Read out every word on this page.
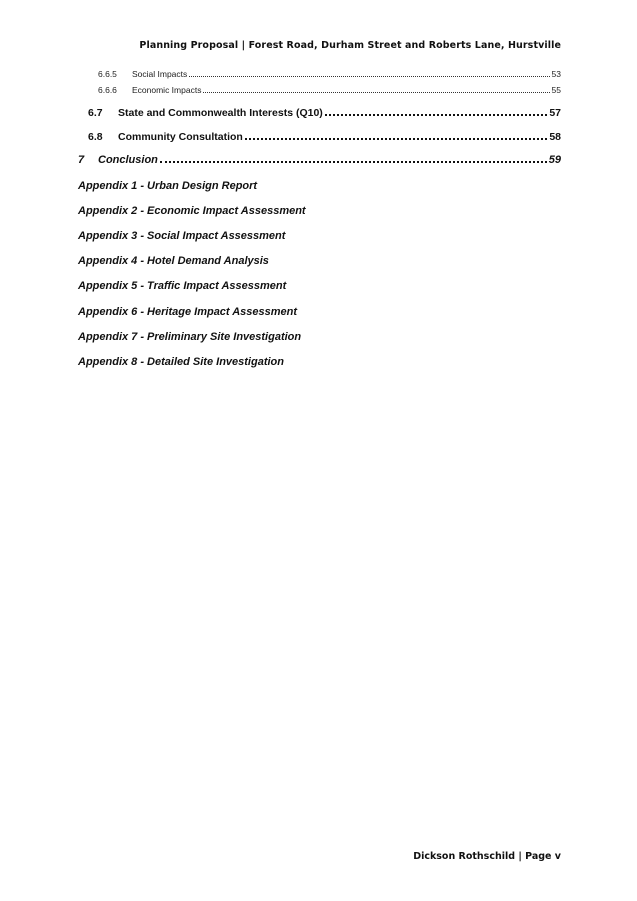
Planning Proposal | Forest Road, Durham Street and Roberts Lane, Hurstville
6.6.5	Social Impacts	53
6.6.6	Economic Impacts	55
6.7	State and Commonwealth Interests (Q10)	57
6.8	Community Consultation	58
7	Conclusion	59
Appendix 1 - Urban Design Report
Appendix 2 - Economic Impact Assessment
Appendix 3 - Social Impact Assessment
Appendix 4 - Hotel Demand Analysis
Appendix 5 - Traffic Impact Assessment
Appendix 6 - Heritage Impact Assessment
Appendix 7 - Preliminary Site Investigation
Appendix 8 - Detailed Site Investigation
Dickson Rothschild | Page v
